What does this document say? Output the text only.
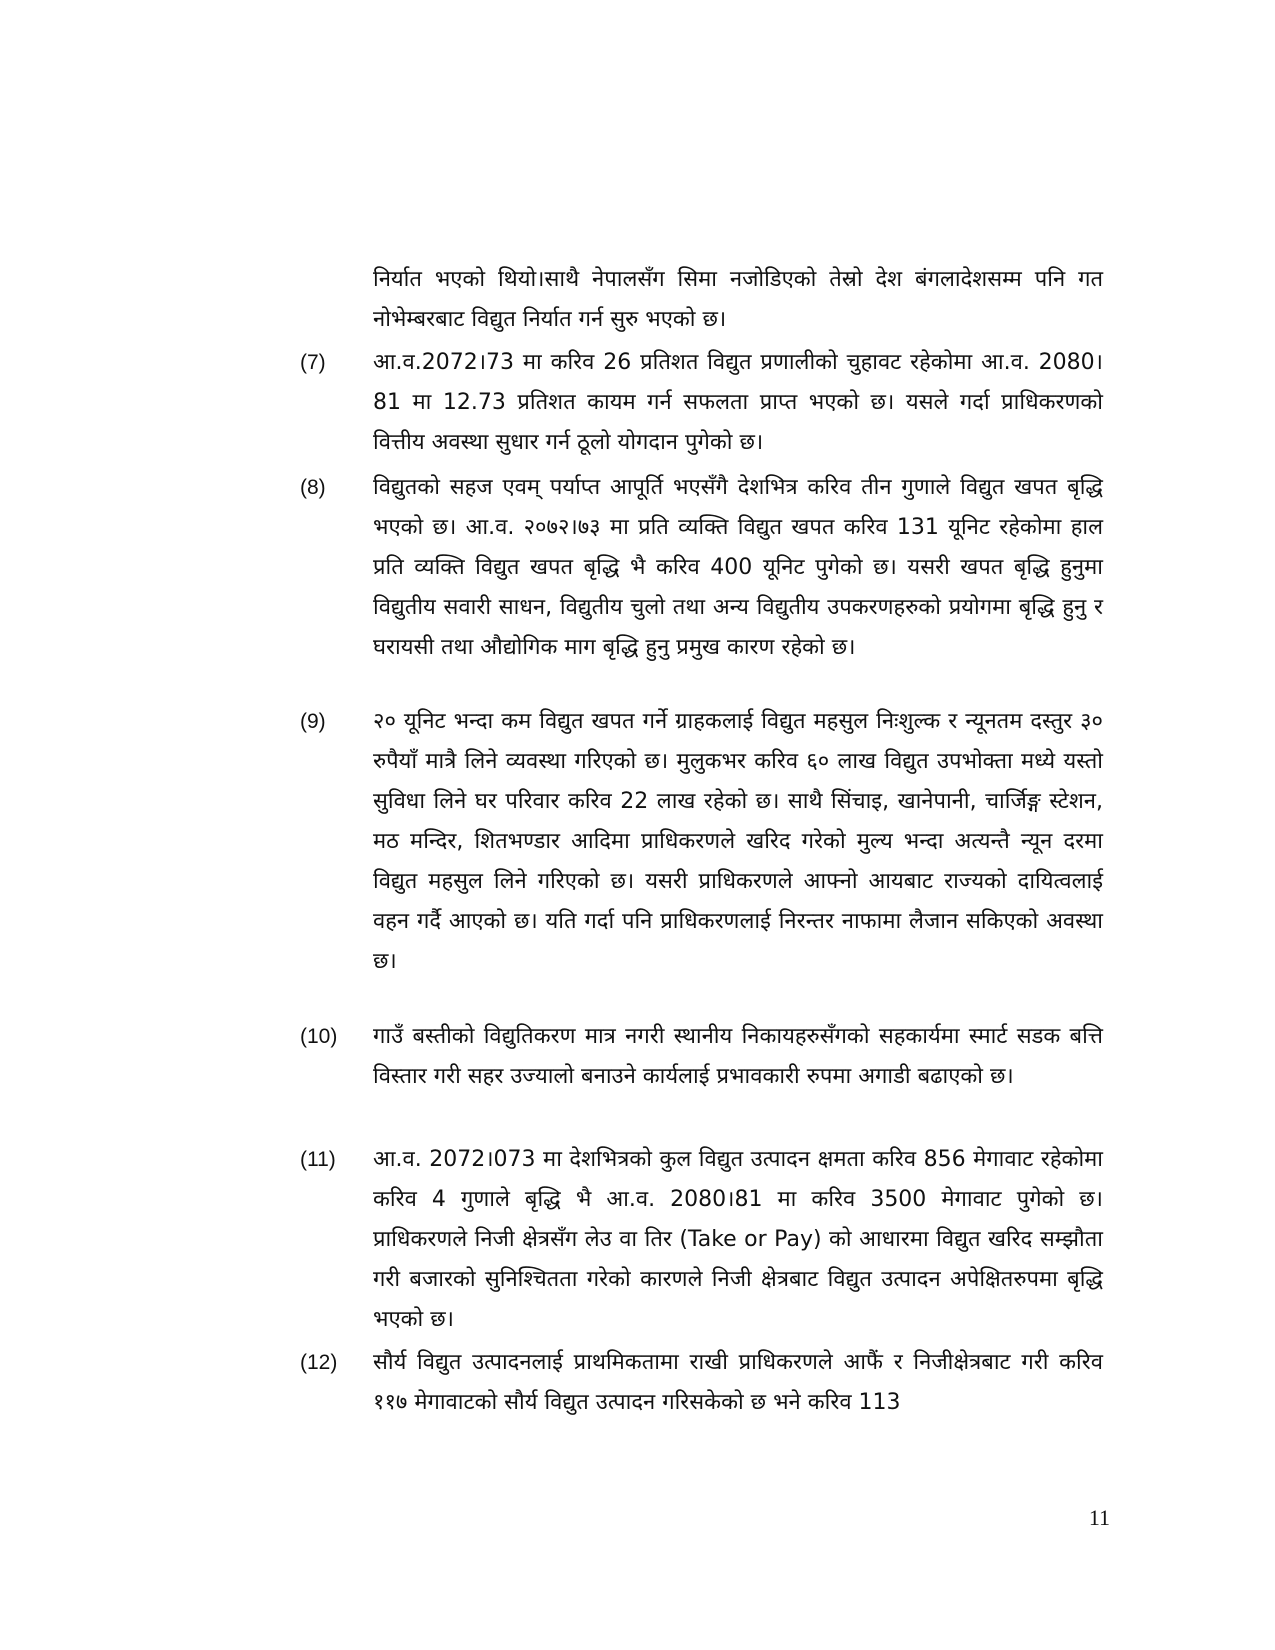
निर्यात भएको थियो।साथै नेपालसँग सिमा नजोडिएको तेस्रो देश बंगलादेशसम्म पनि गत नोभेम्बरबाट विद्युत निर्यात गर्न सुरु भएको छ।
(7)	आ.व.2072।73 मा करिव 26 प्रतिशत विद्युत प्रणालीको चुहावट रहेकोमा आ.व. 2080।81 मा 12.73 प्रतिशत कायम गर्न सफलता प्राप्त भएको छ। यसले गर्दा प्राधिकरणको वित्तीय अवस्था सुधार गर्न ठूलो योगदान पुगेको छ।
(8)	विद्युतको सहज एवम् पर्याप्त आपूर्ति भएसँगै देशभित्र करिव तीन गुणाले विद्युत खपत बृद्धि भएको छ। आ.व. २०७२।७३ मा प्रति व्यक्ति विद्युत खपत करिव 131 यूनिट रहेकोमा हाल प्रति व्यक्ति विद्युत खपत बृद्धि भै करिव 400 यूनिट पुगेको छ। यसरी खपत बृद्धि हुनुमा विद्युतीय सवारी साधन, विद्युतीय चुलो तथा अन्य विद्युतीय उपकरणहरुको प्रयोगमा बृद्धि हुनु र घरायसी तथा औद्योगिक माग बृद्धि हुनु प्रमुख कारण रहेको छ।
(9)	२० यूनिट भन्दा कम विद्युत खपत गर्ने ग्राहकलाई विद्युत महसुल निःशुल्क र न्यूनतम दस्तुर ३० रुपैयाँ मात्रै लिने व्यवस्था गरिएको छ। मुलुकभर करिव ६० लाख विद्युत उपभोक्ता मध्ये यस्तो सुविधा लिने घर परिवार करिव 22 लाख रहेको छ। साथै सिंचाइ, खानेपानी, चार्जिङ्ग स्टेशन, मठ मन्दिर, शितभण्डार आदिमा प्राधिकरणले खरिद गरेको मुल्य भन्दा अत्यन्तै न्यून दरमा विद्युत महसुल लिने गरिएको छ। यसरी प्राधिकरणले आफ्नो आयबाट राज्यको दायित्वलाई वहन गर्दै आएको छ। यति गर्दा पनि प्राधिकरणलाई निरन्तर नाफामा लैजान सकिएको अवस्था छ।
(10)	गाउँ बस्तीको विद्युतिकरण मात्र नगरी स्थानीय निकायहरुसँगको सहकार्यमा स्मार्ट सडक बत्ति विस्तार गरी सहर उज्यालो बनाउने कार्यलाई प्रभावकारी रुपमा अगाडी बढाएको छ।
(11)	आ.व. 2072।073 मा देशभित्रको कुल विद्युत उत्पादन क्षमता करिव 856 मेगावाट रहेकोमा करिव 4 गुणाले बृद्धि भै आ.व. 2080।81 मा करिव 3500 मेगावाट पुगेको छ। प्राधिकरणले निजी क्षेत्रसँग लेउ वा तिर (Take or Pay) को आधारमा विद्युत खरिद सम्झौता गरी बजारको सुनिश्चितता गरेको कारणले निजी क्षेत्रबाट विद्युत उत्पादन अपेक्षितरुपमा बृद्धि भएको छ।
(12)	सौर्य विद्युत उत्पादनलाई प्राथमिकतामा राखी प्राधिकरणले आफैं र निजीक्षेत्रबाट गरी करिव ११७ मेगावाटको सौर्य विद्युत उत्पादन गरिसकेको छ भने करिव 113
11
